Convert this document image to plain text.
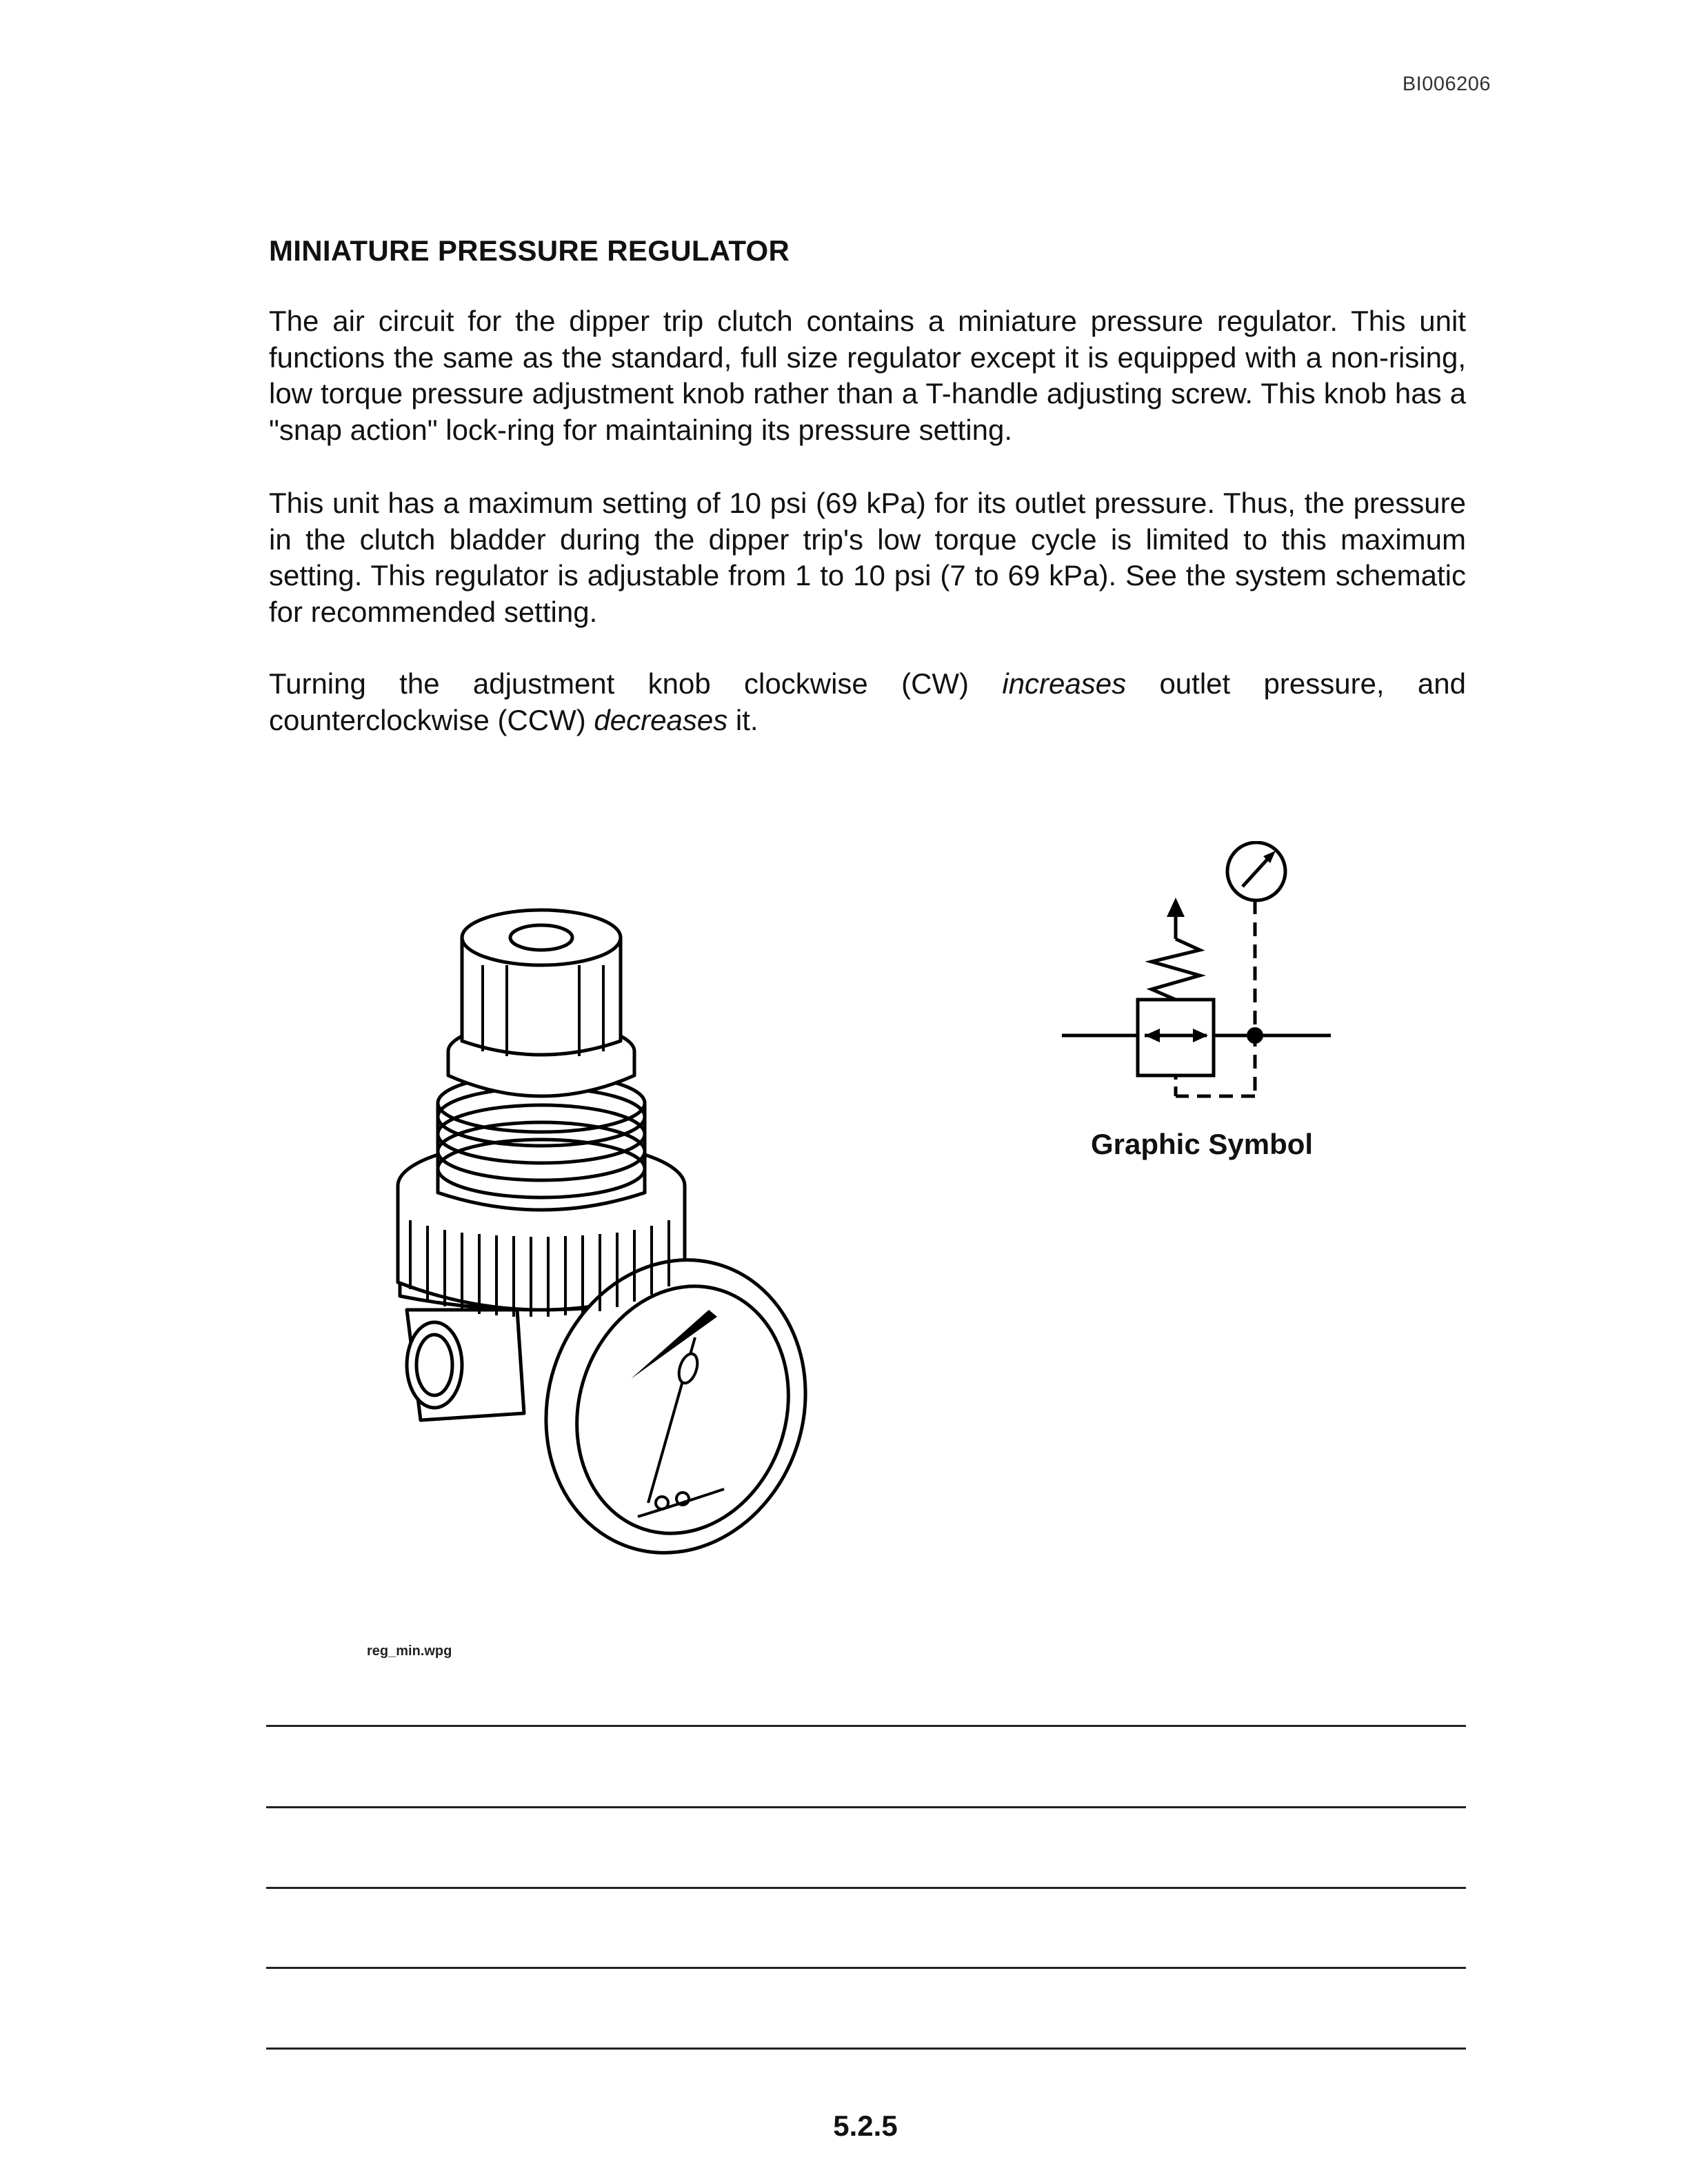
BI006206
MINIATURE PRESSURE REGULATOR

The air circuit for the dipper trip clutch contains a miniature pressure regulator. This unit functions the same as the standard, full size regulator except it is equipped with a non-rising, low torque pressure adjustment knob rather than a T-handle adjusting screw. This knob has a "snap action" lock-ring for maintaining its pressure setting.

This unit has a maximum setting of 10 psi (69 kPa) for its outlet pressure. Thus, the pressure in the clutch bladder during the dipper trip's low torque cycle is limited to this maximum setting. This regulator is adjustable from 1 to 10 psi (7 to 69 kPa). See the system schematic for recommended setting.

Turning the adjustment knob clockwise (CW) increases outlet pressure, and counterclockwise (CCW) decreases it.

Graphic Symbol
reg_min.wpg
5.2.5
